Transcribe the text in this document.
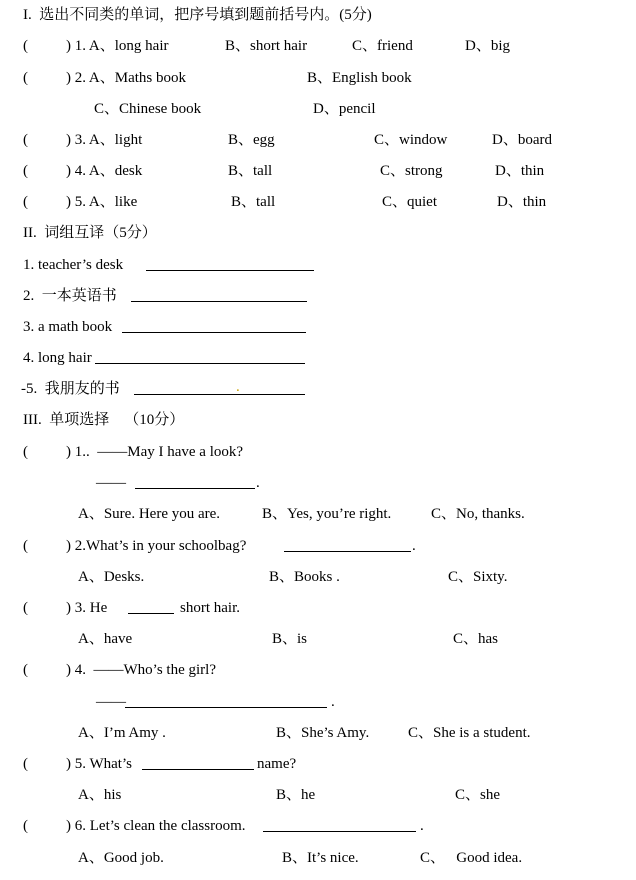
I.  选出不同类的单词，把序号填到题前括号内。(5分)
(	) 1. A、long hair	B、short hair	C、friend	D、big
(	) 2. A、Maths book	B、English book
C、Chinese book	D、pencil
(	) 3. A、light	B、egg	C、window	D、board
(	) 4. A、desk	B、tall	C、strong	D、thin
(	) 5. A、like	B、tall	C、quiet	D、thin
II.  词组互译（5分）
1. teacher’s desk
2.  一本英语书
3. a math book
4. long hair
-5.  我朋友的书	.
III.  单项选择    （10分）
(	) 1..  ——May I have a look?
——	.
A、Sure. Here you are.	B、Yes, you’re right.	C、No, thanks.
(	) 2.What’s in your schoolbag?	.
A、Desks.	B、Books .	C、Sixty.
(	) 3. He	short hair.
A、have	B、is	C、has
(	) 4.  ——Who’s the girl?
——	.
A、I’m Amy .	B、She’s Amy.	C、She is a student.
(	) 5. What’s	name?
A、his	B、he	C、she
(	) 6. Let’s clean the classroom.	.
A、Good job.	B、It’s nice.	C、   Good idea.
